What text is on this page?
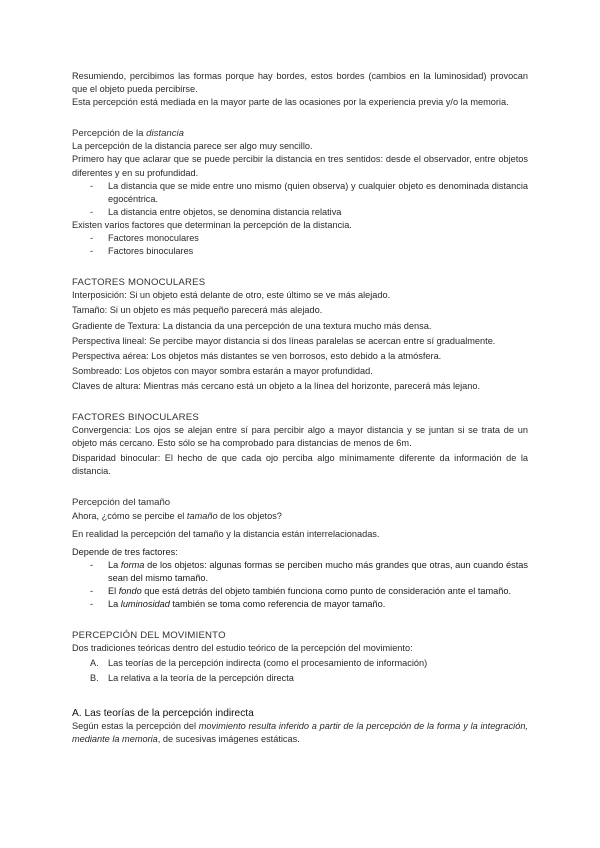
Resumiendo, percibimos las formas porque hay bordes, estos bordes (cambios en la luminosidad) provocan que el objeto pueda percibirse.

Esta percepción está mediada en la mayor parte de las ocasiones por la experiencia previa y/o la memoria.

Percepción de la distancia

La percepción de la distancia parece ser algo muy sencillo.

Primero hay que aclarar que se puede percibir la distancia en tres sentidos: desde el observador, entre objetos diferentes y en su profundidad.

- La distancia que se mide entre uno mismo (quien observa) y cualquier objeto es denominada distancia egocéntrica.
- La distancia entre objetos, se denomina distancia relativa

Existen varios factores que determinan la percepción de la distancia.

- Factores monoculares
- Factores binoculares

FACTORES MONOCULARES

Interposición: Si un objeto está delante de otro, este último se ve más alejado.

Tamaño: Si un objeto es más pequeño parecerá más alejado.

Gradiente de Textura: La distancia da una percepción de una textura mucho más densa.

Perspectiva lineal: Se percibe mayor distancia si dos líneas paralelas se acercan entre sí gradualmente.

Perspectiva aérea: Los objetos más distantes se ven borrosos, esto debido a la atmósfera.

Sombreado: Los objetos con mayor sombra estarán a mayor profundidad.

Claves de altura: Mientras más cercano está un objeto a la línea del horizonte, parecerá más lejano.

FACTORES BINOCULARES

Convergencia: Los ojos se alejan entre sí para percibir algo a mayor distancia y se juntan si se trata de un objeto más cercano. Esto sólo se ha comprobado para distancias de menos de 6m.

Disparidad binocular: El hecho de que cada ojo perciba algo mínimamente diferente da información de la distancia.

Percepción del tamaño

Ahora, ¿cómo se percibe el tamaño de los objetos?

En realidad la percepción del tamaño y la distancia están interrelacionadas.

Depende de tres factores:

- La forma de los objetos: algunas formas se perciben mucho más grandes que otras, aun cuando éstas sean del mismo tamaño.
- El fondo que está detrás del objeto también funciona como punto de consideración ante el tamaño.
- La luminosidad también se toma como referencia de mayor tamaño.

PERCEPCIÓN DEL MOVIMIENTO

Dos tradiciones teóricas dentro del estudio teórico de la percepción del movimiento:

A. Las teorías de la percepción indirecta (como el procesamiento de información)
B. La relativa a la teoría de la percepción directa

A. Las teorías de la percepción indirecta

Según estas la percepción del movimiento resulta inferido a partir de la percepción de la forma y la integración, mediante la memoria, de sucesivas imágenes estáticas.
